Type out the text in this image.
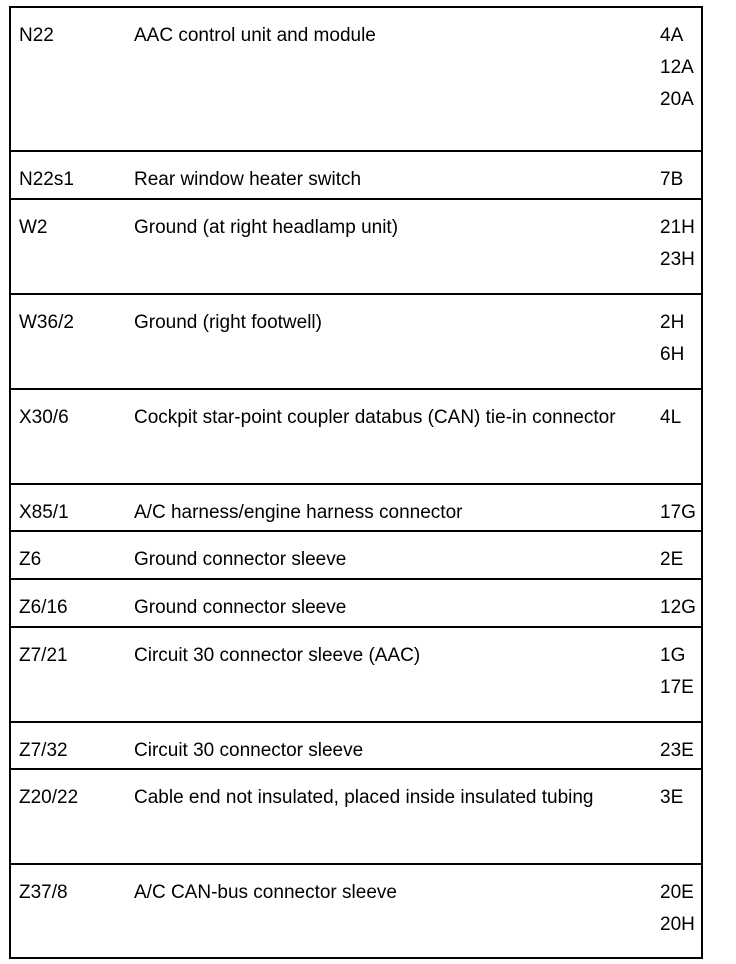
N22	AAC control unit and module	4A
12A
20A
N22s1	Rear window heater switch	7B
W2	Ground (at right headlamp unit)	21H
23H
W36/2	Ground (right footwell)	2H
6H
X30/6	Cockpit star-point coupler databus (CAN) tie-in connector	4L
X85/1	A/C harness/engine harness connector	17G
Z6	Ground connector sleeve	2E
Z6/16	Ground connector sleeve	12G
Z7/21	Circuit 30 connector sleeve (AAC)	1G
17E
Z7/32	Circuit 30 connector sleeve	23E
Z20/22	Cable end not insulated, placed inside insulated tubing	3E
Z37/8	A/C CAN-bus connector sleeve	20E
20H
